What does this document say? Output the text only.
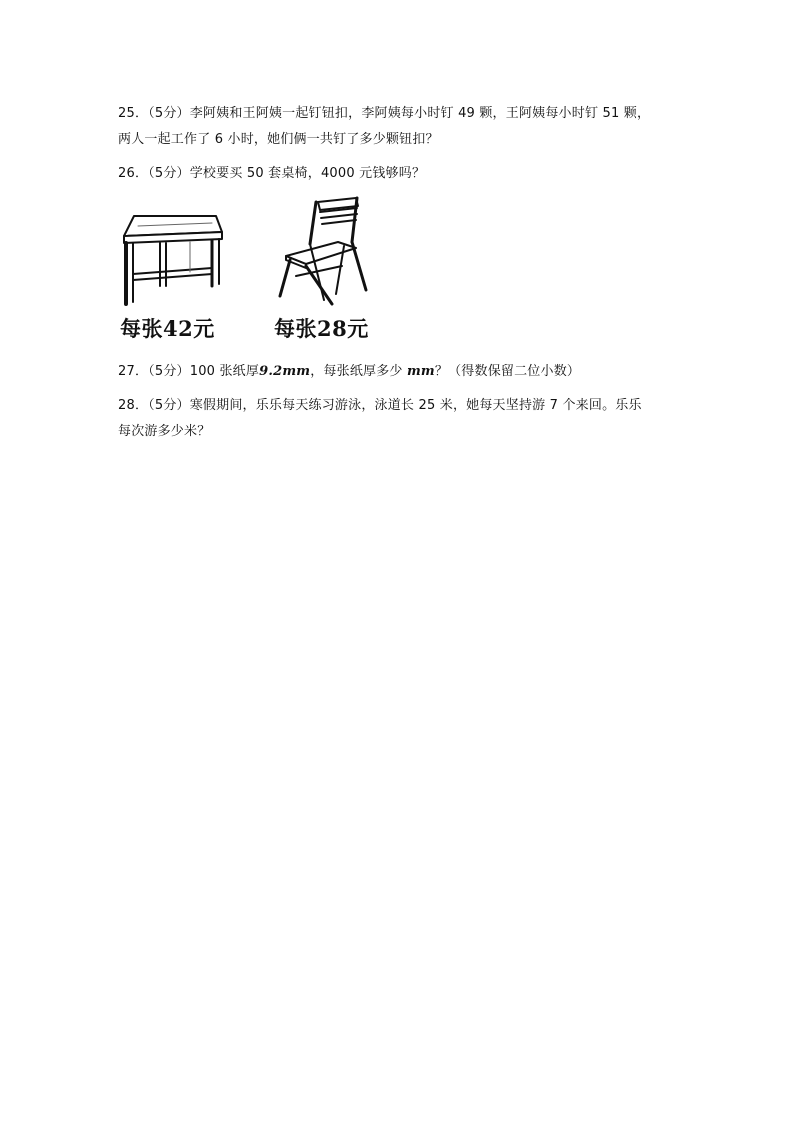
25．（5分）李阿姨和王阿姨一起钉钮扣，李阿姨每小时钉 49 颗，王阿姨每小时钉 51 颗，
两人一起工作了 6 小时，她们俩一共钉了多少颗钮扣？
26．（5分）学校要买 50 套桌椅，4000 元钱够吗？
每张42元	每张28元
27．（5分）100 张纸厚9.2mm，每张纸厚多少 mm？（得数保留二位小数）
28．（5分）寒假期间，乐乐每天练习游泳，泳道长 25 米，她每天坚持游 7 个来回。乐乐
每次游多少米？
